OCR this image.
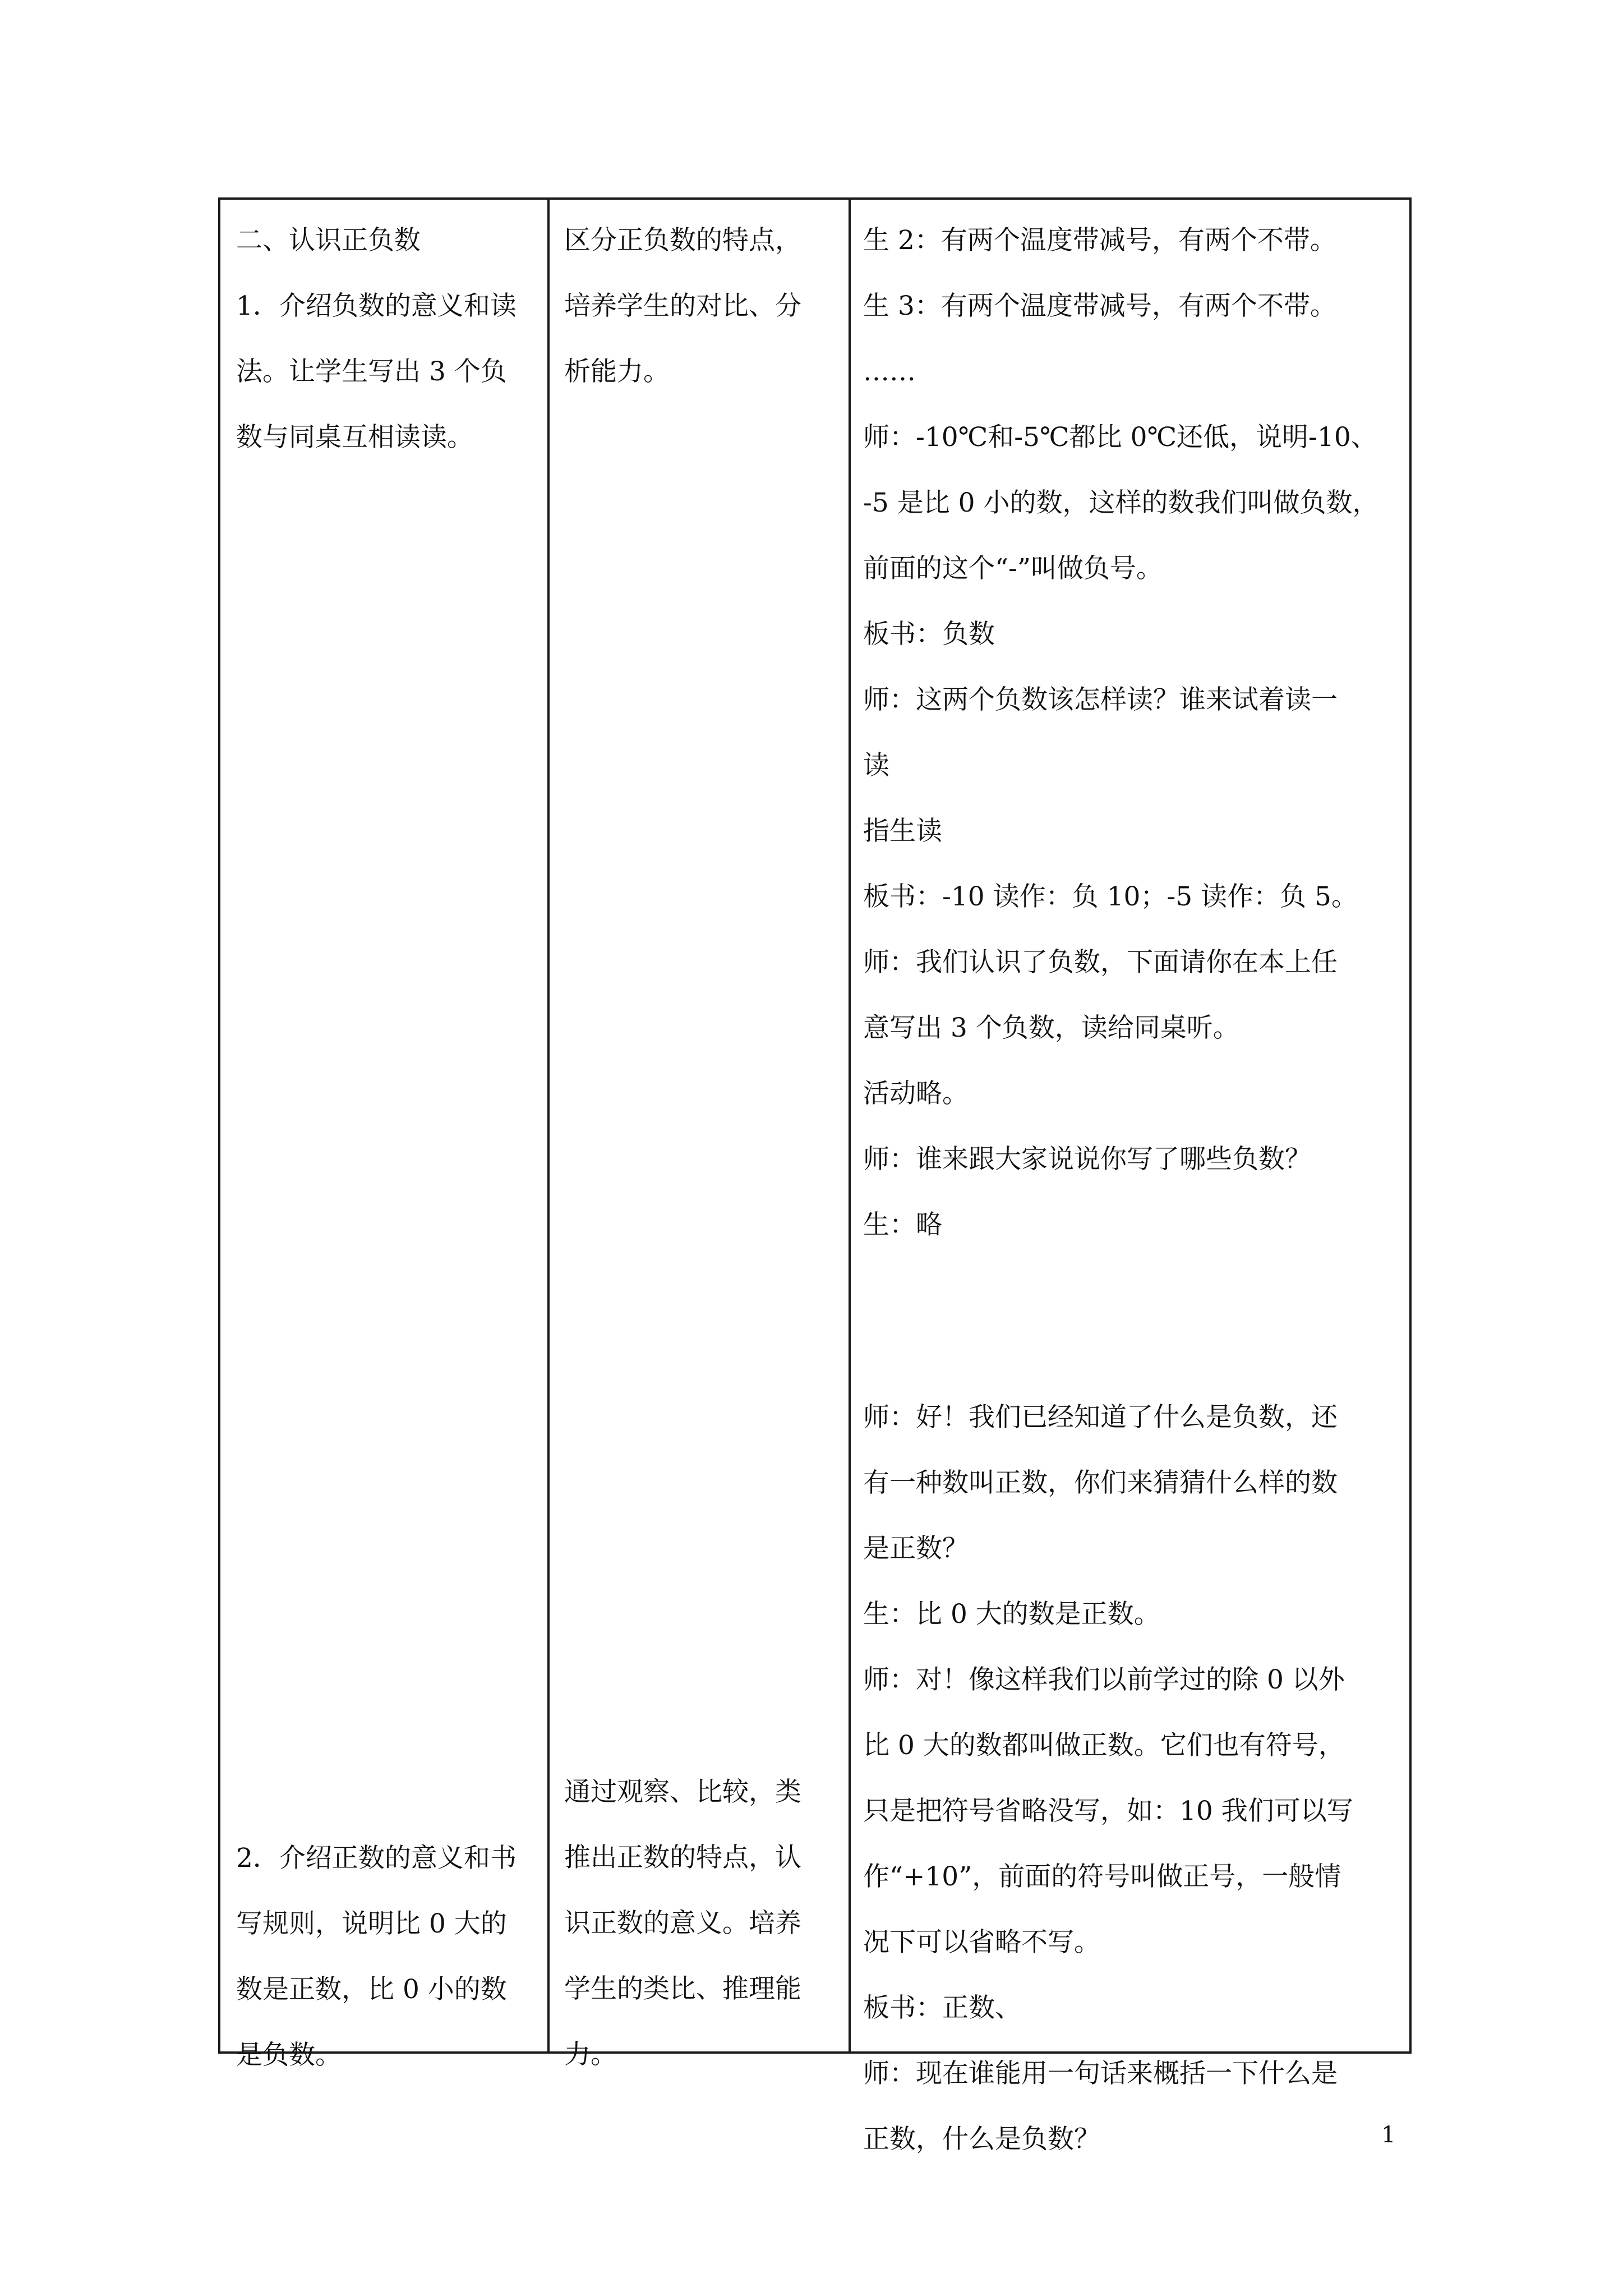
二、认识正负数
1．介绍负数的意义和读
法。让学生写出 3 个负
数与同桌互相读读。
2．介绍正数的意义和书
写规则，说明比 0 大的
数是正数，比 0 小的数
是负数。
区分正负数的特点，
培养学生的对比、分
析能力。
通过观察、比较，类
推出正数的特点，认
识正数的意义。培养
学生的类比、推理能
力。
生 2：有两个温度带减号，有两个不带。
生 3：有两个温度带减号，有两个不带。
……
师：-10℃和-5℃都比 0℃还低，说明-10、
-5 是比 0 小的数，这样的数我们叫做负数，
前面的这个“-”叫做负号。
板书：负数
师：这两个负数该怎样读？谁来试着读一
读
指生读
板书：-10 读作：负 10；-5 读作：负 5。
师：我们认识了负数，下面请你在本上任
意写出 3 个负数，读给同桌听。
活动略。
师：谁来跟大家说说你写了哪些负数？
生：略
师：好！我们已经知道了什么是负数，还
有一种数叫正数，你们来猜猜什么样的数
是正数？
生：比 0 大的数是正数。
师：对！像这样我们以前学过的除 0 以外
比 0 大的数都叫做正数。它们也有符号，
只是把符号省略没写，如：10 我们可以写
作“+10”，前面的符号叫做正号，一般情
况下可以省略不写。
板书：正数、
师：现在谁能用一句话来概括一下什么是
正数，什么是负数？	1
